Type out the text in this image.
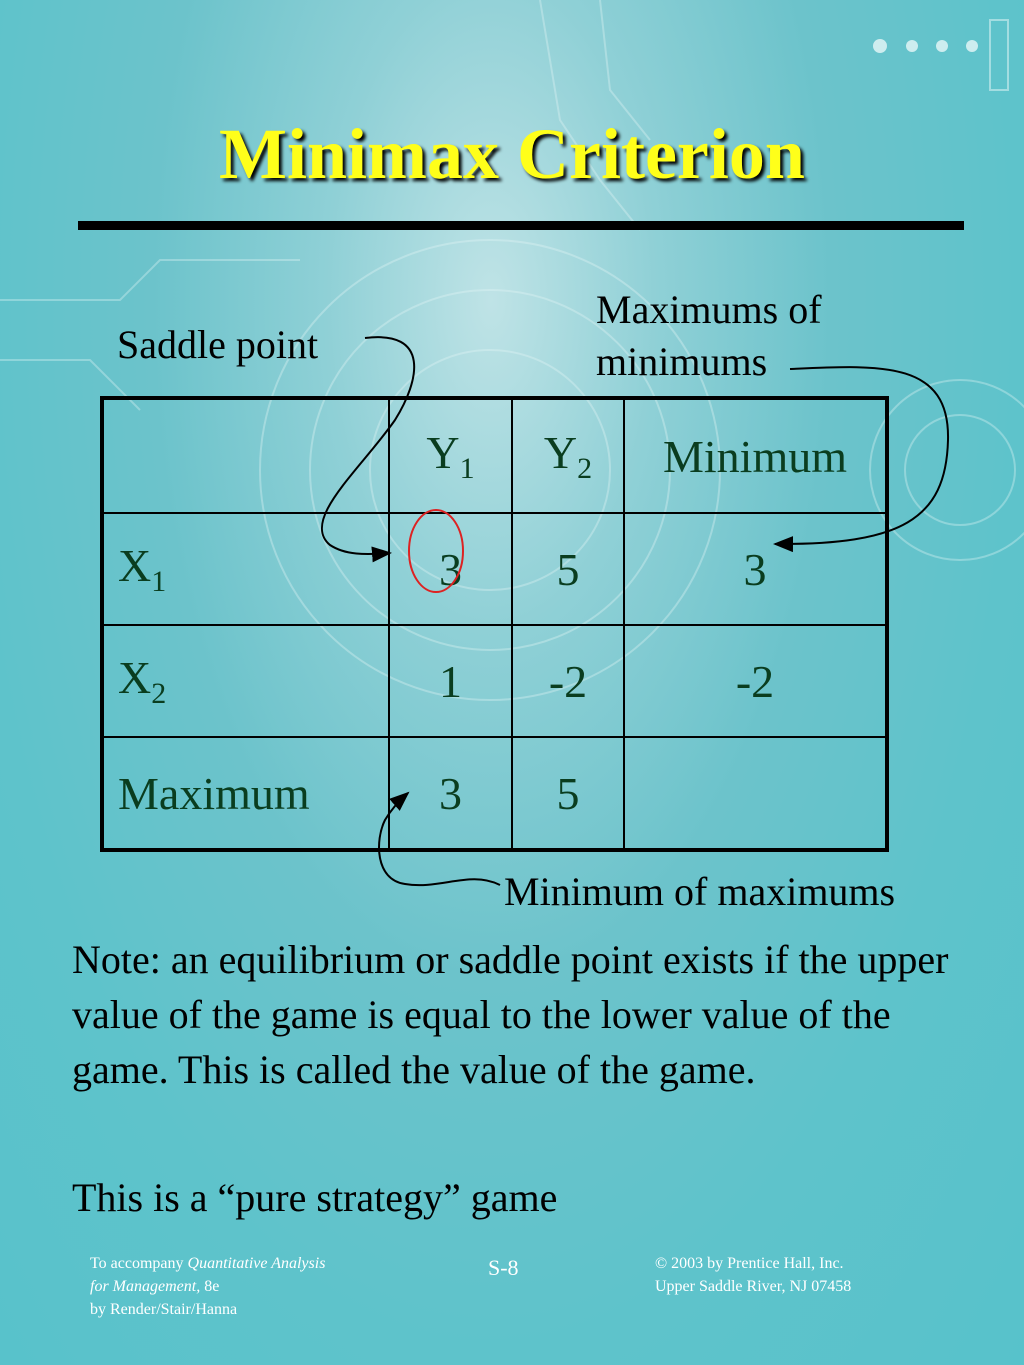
Minimax Criterion
Saddle point
Maximums of
minimums
	$Y_1$	$Y_2$	Minimum
$X_1$	3	5	3
$X_2$	1	-2	-2
Maximum	3	5	
Minimum of maximums
Note: an equilibrium or saddle point exists if the upper value of the game is equal to the lower value of the game. This is called the value of the game.
This is a “pure strategy” game
To accompany Quantitative Analysis
for Management, 8e
by Render/Stair/Hanna
S-8	© 2003 by Prentice Hall, Inc.
Upper Saddle River, NJ 07458
